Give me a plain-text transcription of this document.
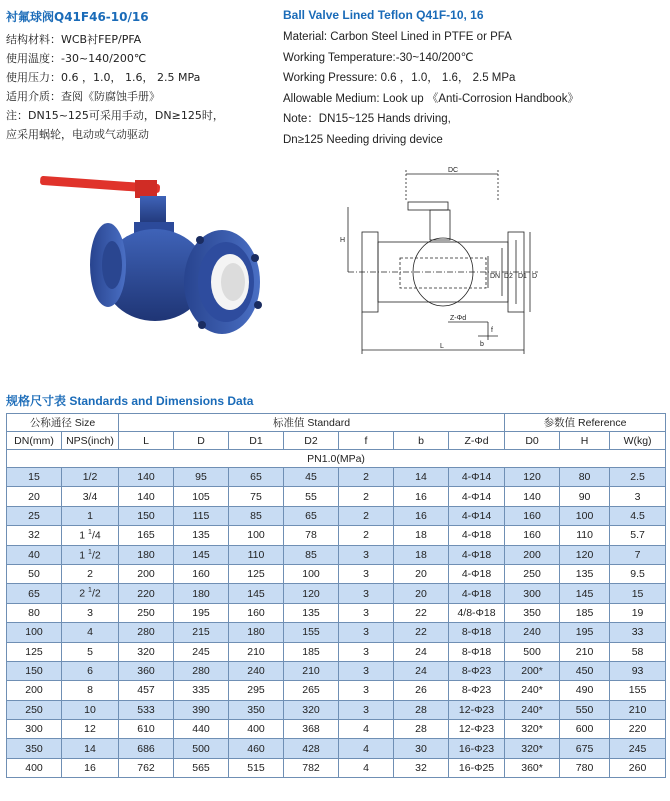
衬氟球阀Q41F46-10/16
结构材料：WCB衬FEP/PFA
使用温度：-30~140/200℃
使用压力：0.6 ，1.0， 1.6， 2.5 MPa
适用介质：查阅《防腐蚀手册》
注：DN15~125可采用手动，DN≥125时，
应采用蜗轮，电动或气动驱动
Ball Valve Lined Teflon Q41F-10, 16
Material: Carbon Steel Lined in PTFE or PFA
Working Temperature:-30~140/200℃
Working Pressure: 0.6 ，1.0， 1.6， 2.5 MPa
Allowable Medium: Look up 《Anti-Corrosion Handbook》
Note：DN15~125 Hands driving,
Dn≥125 Needing driving device
DC
H
DN D2 D1 D
Z-Φd
f
b
L
规格尺寸表 Standards and Dimensions Data
公称通径 Size		标准值 Standard							参数值 Reference		
DN(mm)	NPS(inch)	L	D	D1	D2	f	b	Z-Φd	D0	H	W(kg)
PN1.0(MPa)											
15	1/2	140	95	65	45	2	14	4-Φ14	120	80	2.5
20	3/4	140	105	75	55	2	16	4-Φ14	140	90	3
25	1	150	115	85	65	2	16	4-Φ14	160	100	4.5
32	1 $^1$/4	165	135	100	78	2	18	4-Φ18	160	110	5.7
40	1 $^1$/2	180	145	110	85	3	18	4-Φ18	200	120	7
50	2	200	160	125	100	3	20	4-Φ18	250	135	9.5
65	2 $^1$/2	220	180	145	120	3	20	4-Φ18	300	145	15
80	3	250	195	160	135	3	22	4/8-Φ18	350	185	19
100	4	280	215	180	155	3	22	8-Φ18	240	195	33
125	5	320	245	210	185	3	24	8-Φ18	500	210	58
150	6	360	280	240	210	3	24	8-Φ23	200*	450	93
200	8	457	335	295	265	3	26	8-Φ23	240*	490	155
250	10	533	390	350	320	3	28	12-Φ23	240*	550	210
300	12	610	440	400	368	4	28	12-Φ23	320*	600	220
350	14	686	500	460	428	4	30	16-Φ23	320*	675	245
400	16	762	565	515	782	4	32	16-Φ25	360*	780	260
